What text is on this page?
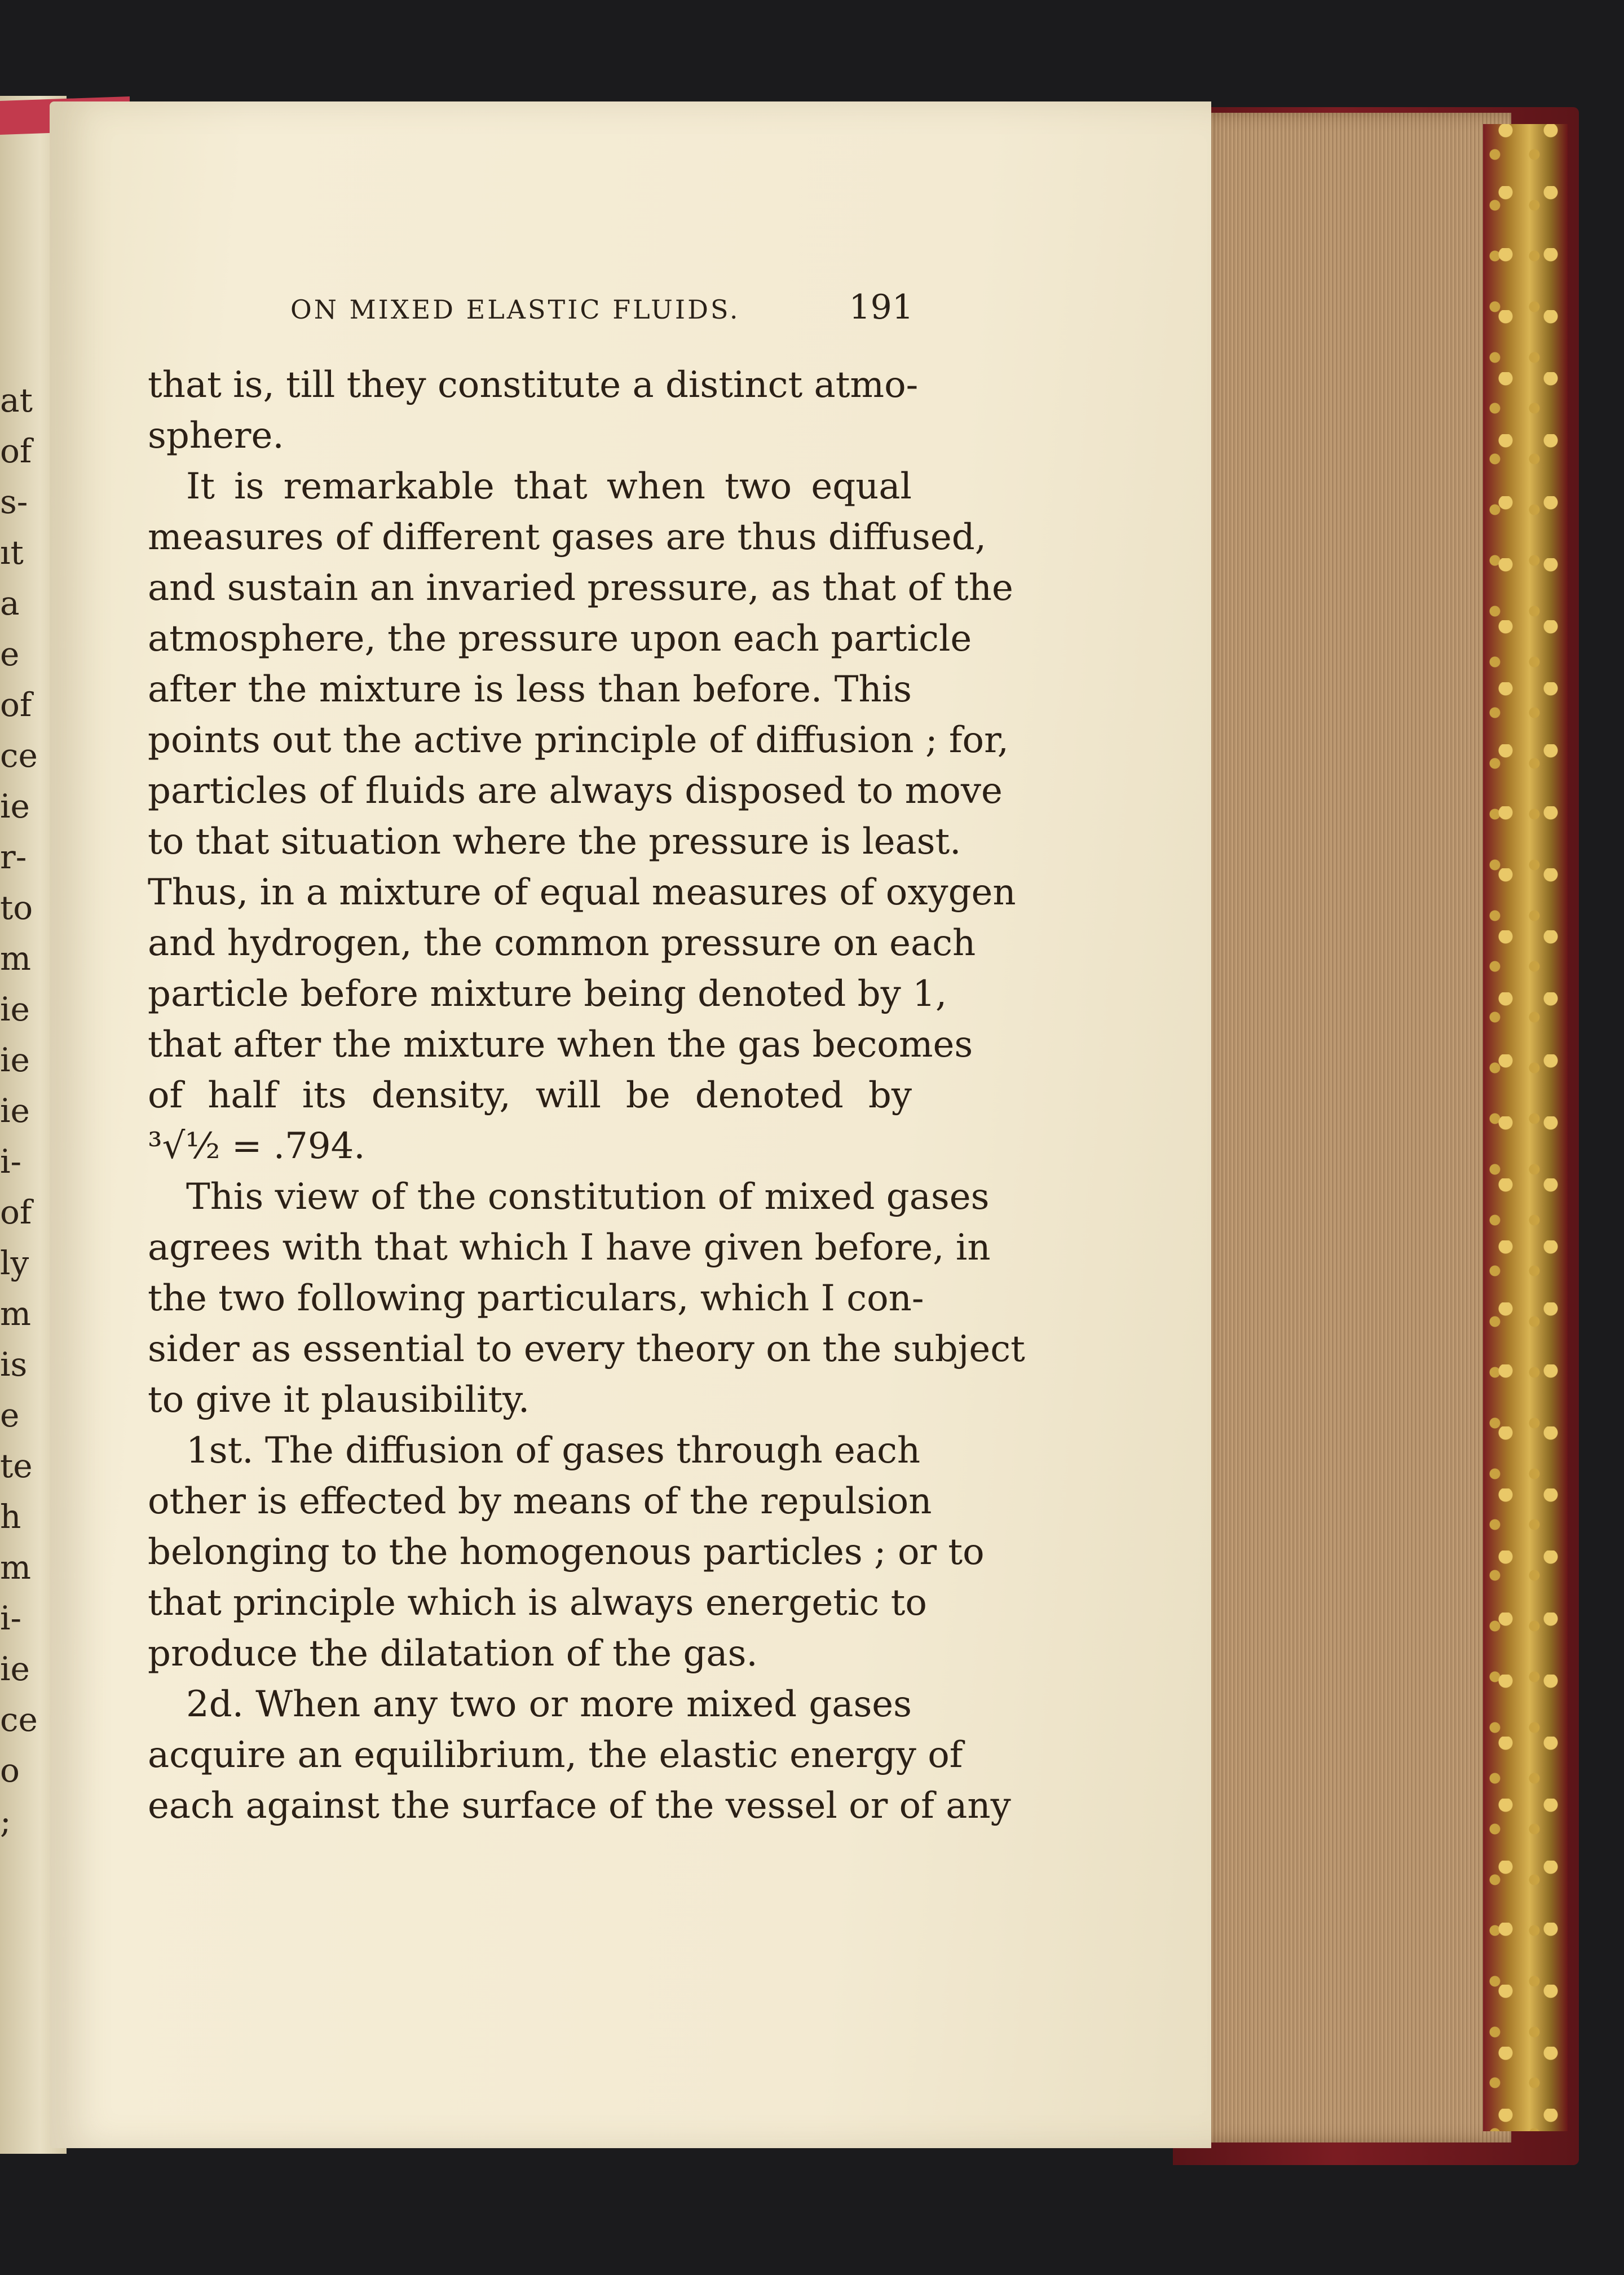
at
of
s-
ıt
a
e
of
ce
ie
r-
to
m
ie
ie
ie
i-
of
ly
m
is
e
te
h
m
i-
ie
ce
o
;
ON MIXED ELASTIC FLUIDS.	191
that is, till they constitute a distinct atmo-
sphere.
It is remarkable that when two equal
measures of different gases are thus diffused,
and sustain an invaried pressure, as that of the
atmosphere, the pressure upon each particle
after the mixture is less than before. This
points out the active principle of diffusion ; for,
particles of fluids are always disposed to move
to that situation where the pressure is least.
Thus, in a mixture of equal measures of oxygen
and hydrogen, the common pressure on each
particle before mixture being denoted by 1,
that after the mixture when the gas becomes
of half its density, will be denoted by
³√½ = .794.
This view of the constitution of mixed gases
agrees with that which I have given before, in
the two following particulars, which I con-
sider as essential to every theory on the subject
to give it plausibility.
1st. The diffusion of gases through each
other is effected by means of the repulsion
belonging to the homogenous particles ; or to
that principle which is always energetic to
produce the dilatation of the gas.
2d. When any two or more mixed gases
acquire an equilibrium, the elastic energy of
each against the surface of the vessel or of any
